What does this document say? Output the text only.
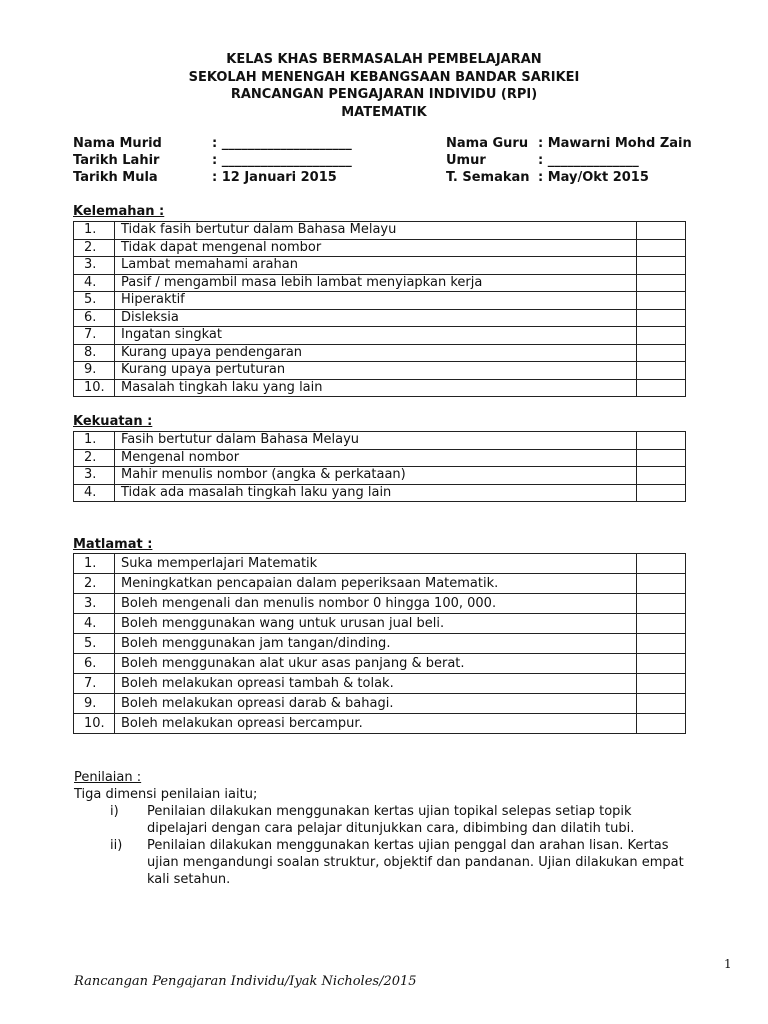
KELAS KHAS BERMASALAH PEMBELAJARAN
SEKOLAH MENENGAH KEBANGSAAN BANDAR SARIKEI
RANCANGAN PENGAJARAN INDIVIDU (RPI)
MATEMATIK
Nama Murid	: ____________________	Nama Guru : Mawarni Mohd Zain
Tarikh Lahir	: ____________________	Umur	: ______________
Tarikh Mula	: 12 Januari 2015	T. Semakan : May/Okt 2015
Kelemahan :
1.	Tidak fasih bertutur dalam Bahasa Melayu	
2.	Tidak dapat mengenal nombor	
3.	Lambat memahami arahan	
4.	Pasif / mengambil masa lebih lambat menyiapkan kerja	
5.	Hiperaktif	
6.	Disleksia	
7.	Ingatan singkat	
8.	Kurang upaya pendengaran	
9.	Kurang upaya pertuturan	
10.	Masalah tingkah laku yang lain	
Kekuatan :
1.	Fasih bertutur dalam Bahasa Melayu	
2.	Mengenal nombor	
3.	Mahir menulis nombor (angka & perkataan)	
4.	Tidak ada masalah tingkah laku yang lain	
Matlamat :
1.	Suka memperlajari Matematik	
2.	Meningkatkan pencapaian dalam peperiksaan Matematik.	
3.	Boleh mengenali dan menulis nombor 0 hingga 100, 000.	
4.	Boleh menggunakan wang untuk urusan jual beli.	
5.	Boleh menggunakan jam tangan/dinding.	
6.	Boleh menggunakan alat ukur asas panjang & berat.	
7.	Boleh melakukan opreasi tambah & tolak.	
9.	Boleh melakukan opreasi darab & bahagi.	
10.	Boleh melakukan opreasi bercampur.	
Penilaian :
Tiga dimensi penilaian iaitu;
i) Penilaian dilakukan menggunakan kertas ujian topikal selepas setiap topik
dipelajari dengan cara pelajar ditunjukkan cara, dibimbing dan dilatih tubi.
ii) Penilaian dilakukan menggunakan kertas ujian penggal dan arahan lisan. Kertas
ujian mengandungi soalan struktur, objektif dan pandanan. Ujian dilakukan empat
kali setahun.
1
Rancangan Pengajaran Individu/Iyak Nicholes/2015
